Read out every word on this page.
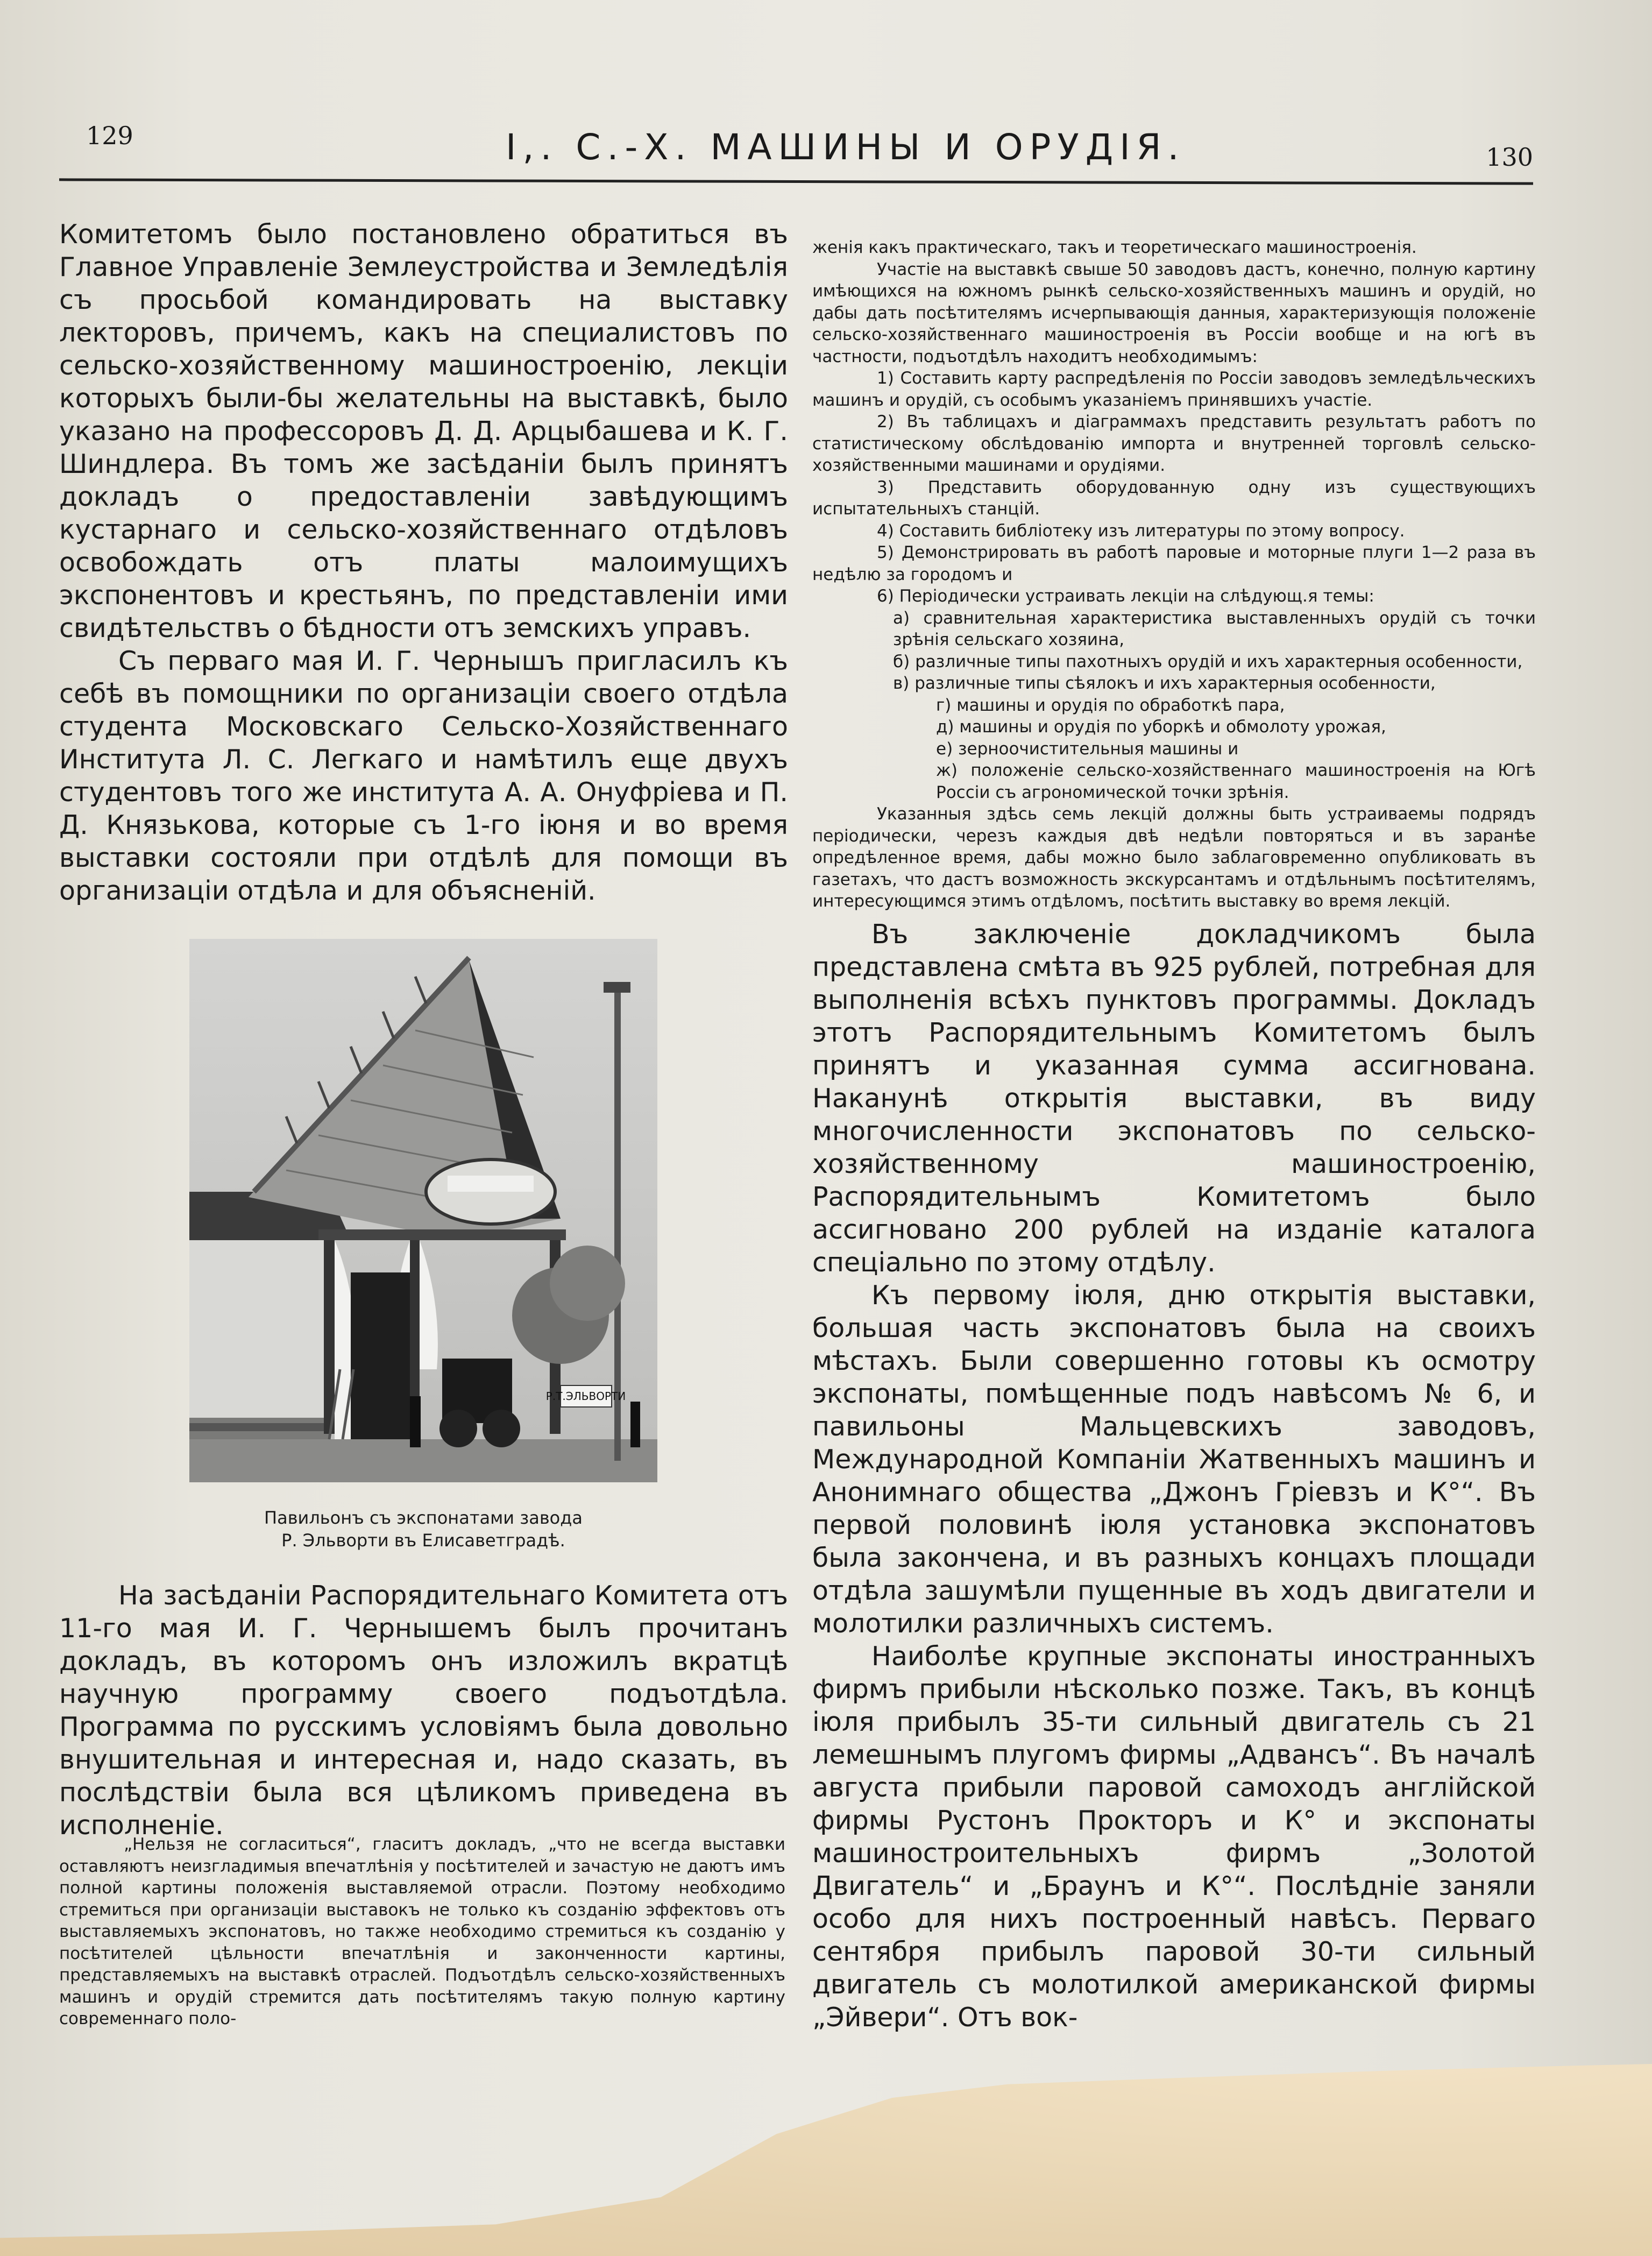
129	I,. С.-Х. МАШИНЫ И ОРУДIЯ.	130

Комитетомъ было постановлено обратиться въ Главное Управленіе Землеустройства и Земледѣлія съ просьбой командировать на выставку лекторовъ, причемъ, какъ на специалистовъ по сельско-хозяйственному машиностроенію, лекціи которыхъ были-бы желательны на выставкѣ, было указано на профессоровъ Д. Д. Арцыбашева и К. Г. Шиндлера. Въ томъ же засѣданіи былъ принятъ докладъ о предоставленіи завѣдующимъ кустарнаго и сельско-хозяйственнаго отдѣловъ освобождать отъ платы малоимущихъ экспонентовъ и крестьянъ, по представленіи ими свидѣтельствъ о бѣдности отъ земскихъ управъ.

Съ перваго мая И. Г. Чернышъ пригласилъ къ себѣ въ помощники по организаціи своего отдѣла студента Московскаго Сельско-Хозяйственнаго Института Л. С. Легкаго и намѣтилъ еще двухъ студентовъ того же института А. А. Онуфріева и П. Д. Князькова, которые съ 1-го іюня и во время выставки состояли при отдѣлѣ для помощи въ организаціи отдѣла и для объясненій.

Р.Т.ЭЛЬВОРТИ
Павильонъ съ экспонатами завода
Р. Эльворти въ Елисаветградѣ.

На засѣданіи Распорядительнаго Комитета отъ 11-го мая И. Г. Чернышемъ былъ прочитанъ докладъ, въ которомъ онъ изложилъ вкратцѣ научную программу своего подъотдѣла. Программа по русскимъ условіямъ была довольно внушительная и интересная и, надо сказать, въ послѣдствіи была вся цѣликомъ приведена въ исполненіе.

„Нельзя не согласиться“, гласитъ докладъ, „что не всегда выставки оставляютъ неизгладимыя впечатлѣнія у посѣтителей и зачастую не даютъ имъ полной картины положенія выставляемой отрасли. Поэтому необходимо стремиться при организаціи выставокъ не только къ созданію эффектовъ отъ выставляемыхъ экспонатовъ, но также необходимо стремиться къ созданію у посѣтителей цѣльности впечатлѣнія и законченности картины, представляемыхъ на выставкѣ отраслей. Подъотдѣлъ сельско-хозяйственныхъ машинъ и орудій стремится дать посѣтителямъ такую полную картину современнаго поло-

женія какъ практическаго, такъ и теоретическаго машиностроенія.

Участіе на выставкѣ свыше 50 заводовъ дастъ, конечно, полную картину имѣющихся на южномъ рынкѣ сельско-хозяйственныхъ машинъ и орудій, но дабы дать посѣтителямъ исчерпывающія данныя, характеризующія положеніе сельско-хозяйственнаго машиностроенія въ Россіи вообще и на югѣ въ частности, подъотдѣлъ находитъ необходимымъ:

1) Составить карту распредѣленія по Россіи заводовъ земледѣльческихъ машинъ и орудій, съ особымъ указаніемъ принявшихъ участіе.

2) Въ таблицахъ и діаграммахъ представить результатъ работъ по статистическому обслѣдованію импорта и внутренней торговлѣ сельско-хозяйственными машинами и орудіями.

3) Представить оборудованную одну изъ существующихъ испытательныхъ станцій.

4) Составить библіотеку изъ литературы по этому вопросу.

5) Демонстрировать въ работѣ паровые и моторные плуги 1—2 раза въ недѣлю за городомъ и

6) Періодически устраивать лекціи на слѣдующ.я темы:

а) сравнительная характеристика выставленныхъ орудій съ точки зрѣнія сельскаго хозяина,

б) различные типы пахотныхъ орудій и ихъ характерныя особенности,

в) различные типы сѣялокъ и ихъ характерныя особенности,

г) машины и орудія по обработкѣ пара,

д) машины и орудія по уборкѣ и обмолоту урожая,

е) зерноочистительныя машины и

ж) положеніе сельско-хозяйственнаго машиностроенія на Югѣ Россіи съ агрономической точки зрѣнія.

Указанныя здѣсь семь лекцій должны быть устраиваемы подрядъ періодически, черезъ каждыя двѣ недѣли повторяться и въ заранѣе опредѣленное время, дабы можно было заблаговременно опубликовать въ газетахъ, что дастъ возможность экскурсантамъ и отдѣльнымъ посѣтителямъ, интересующимся этимъ отдѣломъ, посѣтить выставку во время лекцій.

Въ заключеніе докладчикомъ была представлена смѣта въ 925 рублей, потребная для выполненія всѣхъ пунктовъ программы. Докладъ этотъ Распорядительнымъ Комитетомъ былъ принятъ и указанная сумма ассигнована. Наканунѣ открытія выставки, въ виду многочисленности экспонатовъ по сельско-хозяйственному машиностроенію, Распорядительнымъ Комитетомъ было ассигновано 200 рублей на изданіе каталога спеціально по этому отдѣлу.

Къ первому іюля, дню открытія выставки, большая часть экспонатовъ была на своихъ мѣстахъ. Были совершенно готовы къ осмотру экспонаты, помѣщенные подъ навѣсомъ № 6, и павильоны Мальцевскихъ заводовъ, Международной Компаніи Жатвенныхъ машинъ и Анонимнаго общества „Джонъ Гріевзъ и К°“. Въ первой половинѣ іюля установка экспонатовъ была закончена, и въ разныхъ концахъ площади отдѣла зашумѣли пущенные въ ходъ двигатели и молотилки различныхъ системъ.

Наиболѣе крупные экспонаты иностранныхъ фирмъ прибыли нѣсколько позже. Такъ, въ концѣ іюля прибылъ 35-ти сильный двигатель съ 21 лемешнымъ плугомъ фирмы „Адвансъ“. Въ началѣ августа прибыли паровой самоходъ англійской фирмы Рустонъ Прокторъ и К° и экспонаты машиностроительныхъ фирмъ „Золотой Двигатель“ и „Браунъ и К°“. Послѣдніе заняли особо для нихъ построенный навѣсъ. Перваго сентября прибылъ паровой 30-ти сильный двигатель съ молотилкой американской фирмы „Эйвери“. Отъ вок-
